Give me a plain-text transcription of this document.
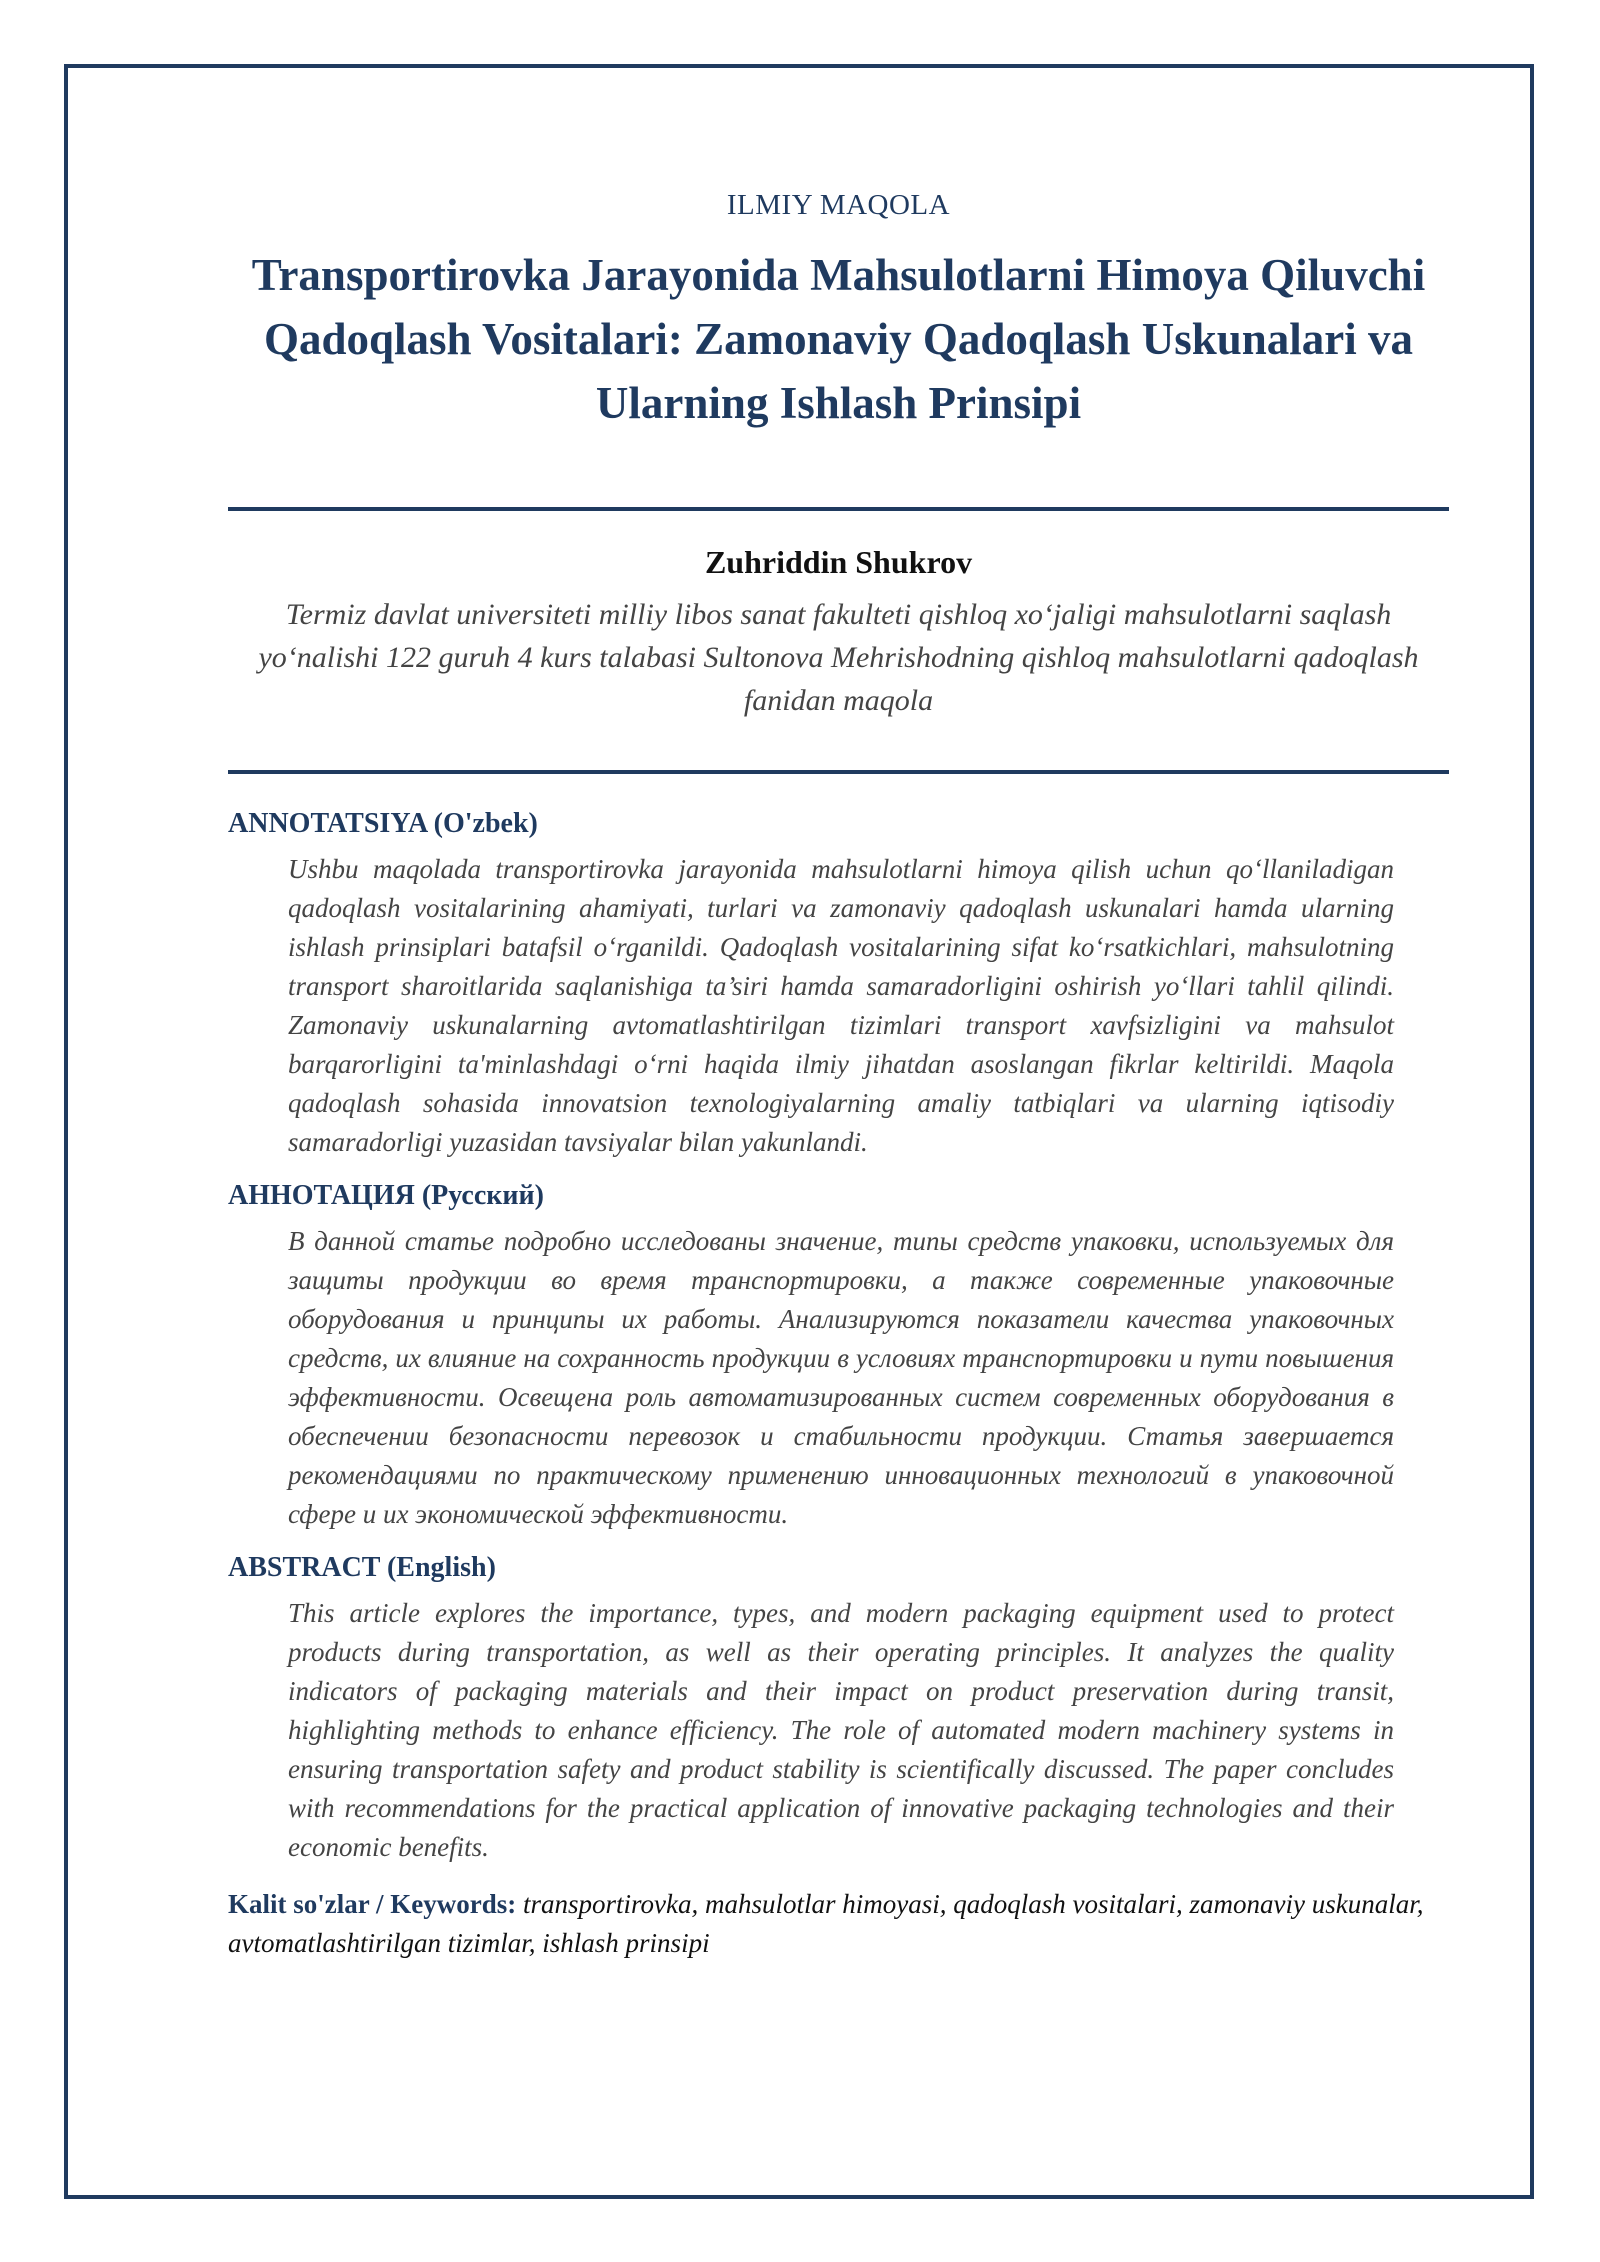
ILMIY MAQOLA
Transportirovka Jarayonida Mahsulotlarni Himoya Qiluvchi Qadoqlash Vositalari: Zamonaviy Qadoqlash Uskunalari va Ularning Ishlash Prinsipi
Zuhriddin Shukrov
Termiz davlat universiteti milliy libos sanat fakulteti qishloq xoʻjaligi mahsulotlarni saqlash yoʻnalishi 122 guruh 4 kurs talabasi Sultonova Mehrishodning qishloq mahsulotlarni qadoqlash fanidan maqola
ANNOTATSIYA (O'zbek)
Ushbu maqolada transportirovka jarayonida mahsulotlarni himoya qilish uchun qoʻllaniladigan qadoqlash vositalarining ahamiyati, turlari va zamonaviy qadoqlash uskunalari hamda ularning ishlash prinsiplari batafsil oʻrganildi. Qadoqlash vositalarining sifat koʻrsatkichlari, mahsulotning transport sharoitlarida saqlanishiga ta’siri hamda samaradorligini oshirish yoʻllari tahlil qilindi. Zamonaviy uskunalarning avtomatlashtirilgan tizimlari transport xavfsizligini va mahsulot barqarorligini ta'minlashdagi oʻrni haqida ilmiy jihatdan asoslangan fikrlar keltirildi. Maqola qadoqlash sohasida innovatsion texnologiyalarning amaliy tatbiqlari va ularning iqtisodiy samaradorligi yuzasidan tavsiyalar bilan yakunlandi.
АННОТАЦИЯ (Русский)
В данной статье подробно исследованы значение, типы средств упаковки, используемых для защиты продукции во время транспортировки, а также современные упаковочные оборудования и принципы их работы. Анализируются показатели качества упаковочных средств, их влияние на сохранность продукции в условиях транспортировки и пути повышения эффективности. Освещена роль автоматизированных систем современных оборудования в обеспечении безопасности перевозок и стабильности продукции. Статья завершается рекомендациями по практическому применению инновационных технологий в упаковочной сфере и их экономической эффективности.
ABSTRACT (English)
This article explores the importance, types, and modern packaging equipment used to protect products during transportation, as well as their operating principles. It analyzes the quality indicators of packaging materials and their impact on product preservation during transit, highlighting methods to enhance efficiency. The role of automated modern machinery systems in ensuring transportation safety and product stability is scientifically discussed. The paper concludes with recommendations for the practical application of innovative packaging technologies and their economic benefits.
Kalit so'zlar / Keywords: transportirovka, mahsulotlar himoyasi, qadoqlash vositalari, zamonaviy uskunalar, avtomatlashtirilgan tizimlar, ishlash prinsipi
